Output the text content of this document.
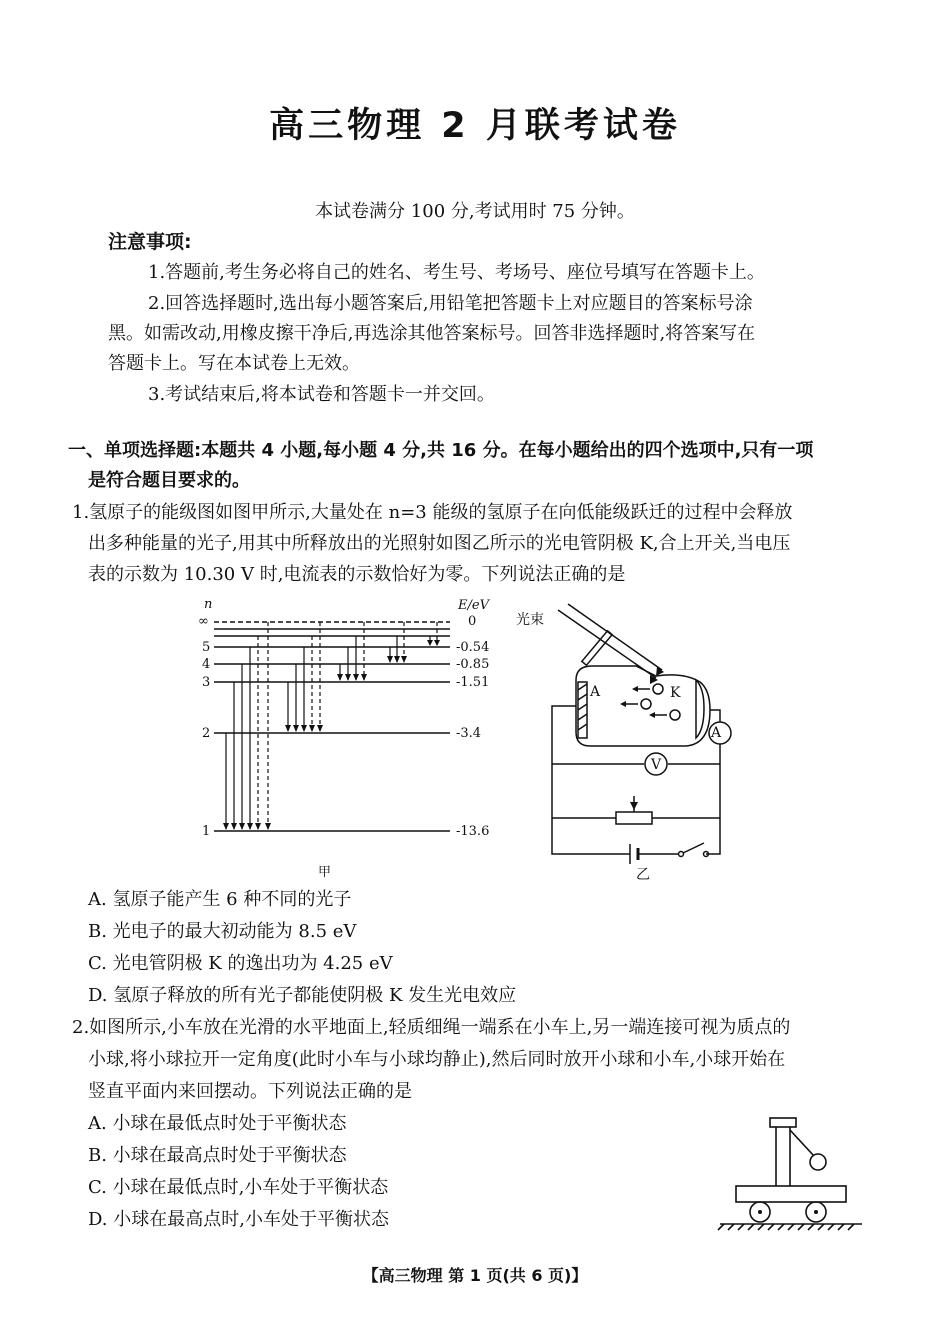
高三物理 2 月联考试卷
本试卷满分 100 分,考试用时 75 分钟。
注意事项:
1.答题前,考生务必将自己的姓名、考生号、考场号、座位号填写在答题卡上。
2.回答选择题时,选出每小题答案后,用铅笔把答题卡上对应题目的答案标号涂
黑。如需改动,用橡皮擦干净后,再选涂其他答案标号。回答非选择题时,将答案写在
答题卡上。写在本试卷上无效。
3.考试结束后,将本试卷和答题卡一并交回。
一、单项选择题:本题共 4 小题,每小题 4 分,共 16 分。在每小题给出的四个选项中,只有一项
是符合题目要求的。
1.氢原子的能级图如图甲所示,大量处在 n=3 能级的氢原子在向低能级跃迁的过程中会释放
出多种能量的光子,用其中所释放出的光照射如图乙所示的光电管阴极 K,合上开关,当电压
表的示数为 10.30 V 时,电流表的示数恰好为零。下列说法正确的是
n	E/eV
∞	0
5	-0.54
4	-0.85
3	-1.51
2	-3.4
1	-13.6
甲
光束
A	K
A
V
乙
A. 氢原子能产生 6 种不同的光子
B. 光电子的最大初动能为 8.5 eV
C. 光电管阴极 K 的逸出功为 4.25 eV
D. 氢原子释放的所有光子都能使阴极 K 发生光电效应
2.如图所示,小车放在光滑的水平地面上,轻质细绳一端系在小车上,另一端连接可视为质点的
小球,将小球拉开一定角度(此时小车与小球均静止),然后同时放开小球和小车,小球开始在
竖直平面内来回摆动。下列说法正确的是
A. 小球在最低点时处于平衡状态
B. 小球在最高点时处于平衡状态
C. 小球在最低点时,小车处于平衡状态
D. 小球在最高点时,小车处于平衡状态
【高三物理 第 1 页(共 6 页)】
